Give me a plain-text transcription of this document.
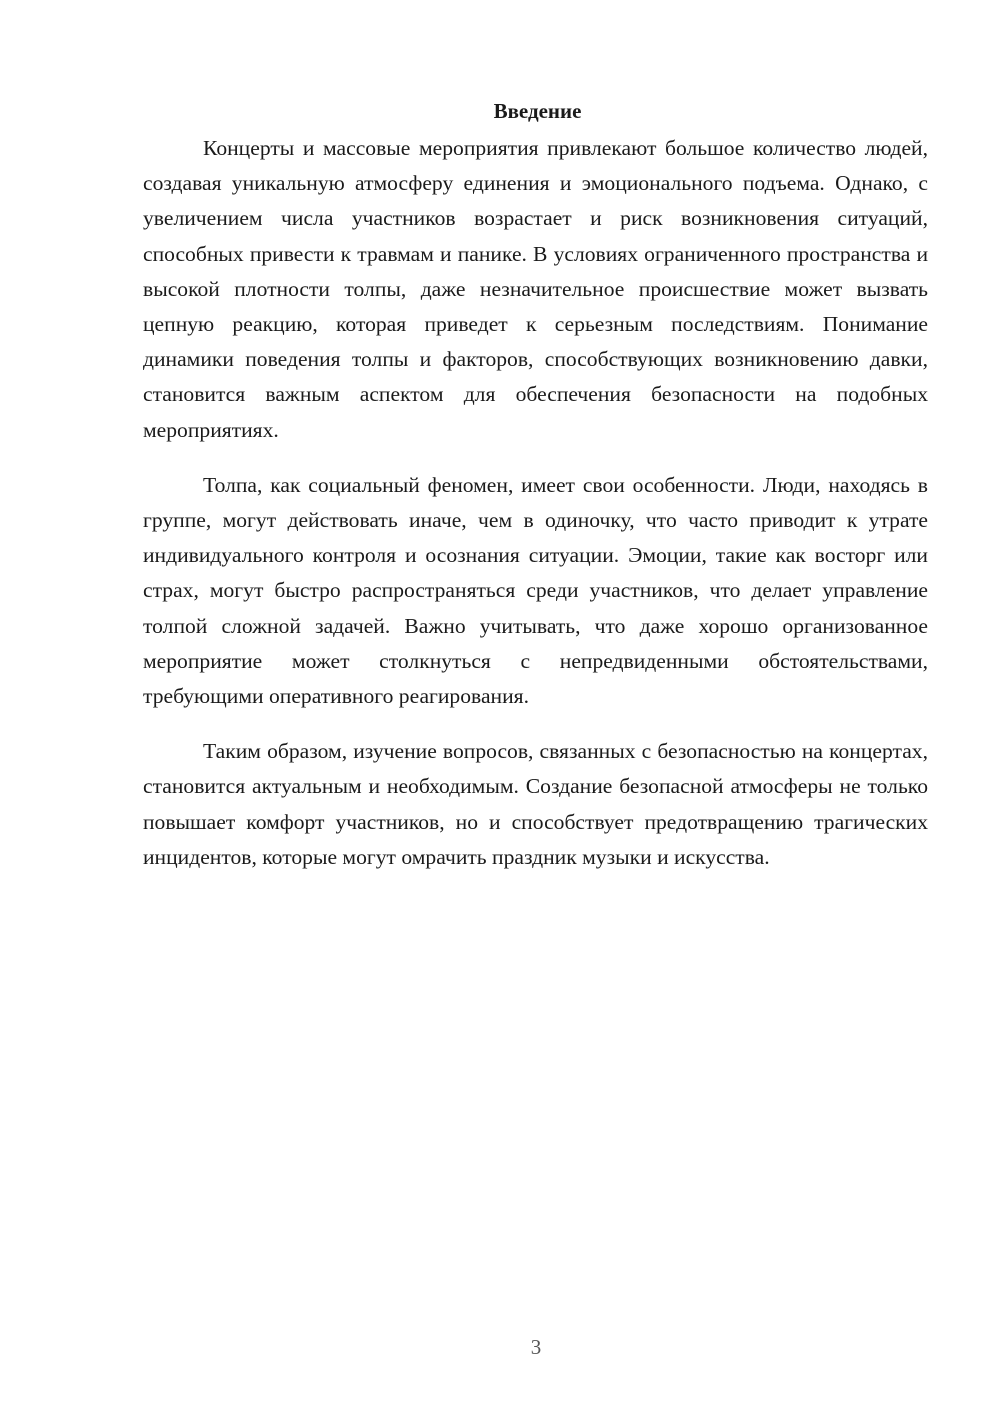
Введение

Концерты и массовые мероприятия привлекают большое количество людей, создавая уникальную атмосферу единения и эмоционального подъема. Однако, с увеличением числа участников возрастает и риск возникновения ситуаций, способных привести к травмам и панике. В условиях ограниченного пространства и высокой плотности толпы, даже незначительное происшествие может вызвать цепную реакцию, которая приведет к серьезным последствиям. Понимание динамики поведения толпы и факторов, способствующих возникновению давки, становится важным аспектом для обеспечения безопасности на подобных мероприятиях.

Толпа, как социальный феномен, имеет свои особенности. Люди, находясь в группе, могут действовать иначе, чем в одиночку, что часто приводит к утрате индивидуального контроля и осознания ситуации. Эмоции, такие как восторг или страх, могут быстро распространяться среди участников, что делает управление толпой сложной задачей. Важно учитывать, что даже хорошо организованное мероприятие может столкнуться с непредвиденными обстоятельствами, требующими оперативного реагирования.

Таким образом, изучение вопросов, связанных с безопасностью на концертах, становится актуальным и необходимым. Создание безопасной атмосферы не только повышает комфорт участников, но и способствует предотвращению трагических инцидентов, которые могут омрачить праздник музыки и искусства.

3
